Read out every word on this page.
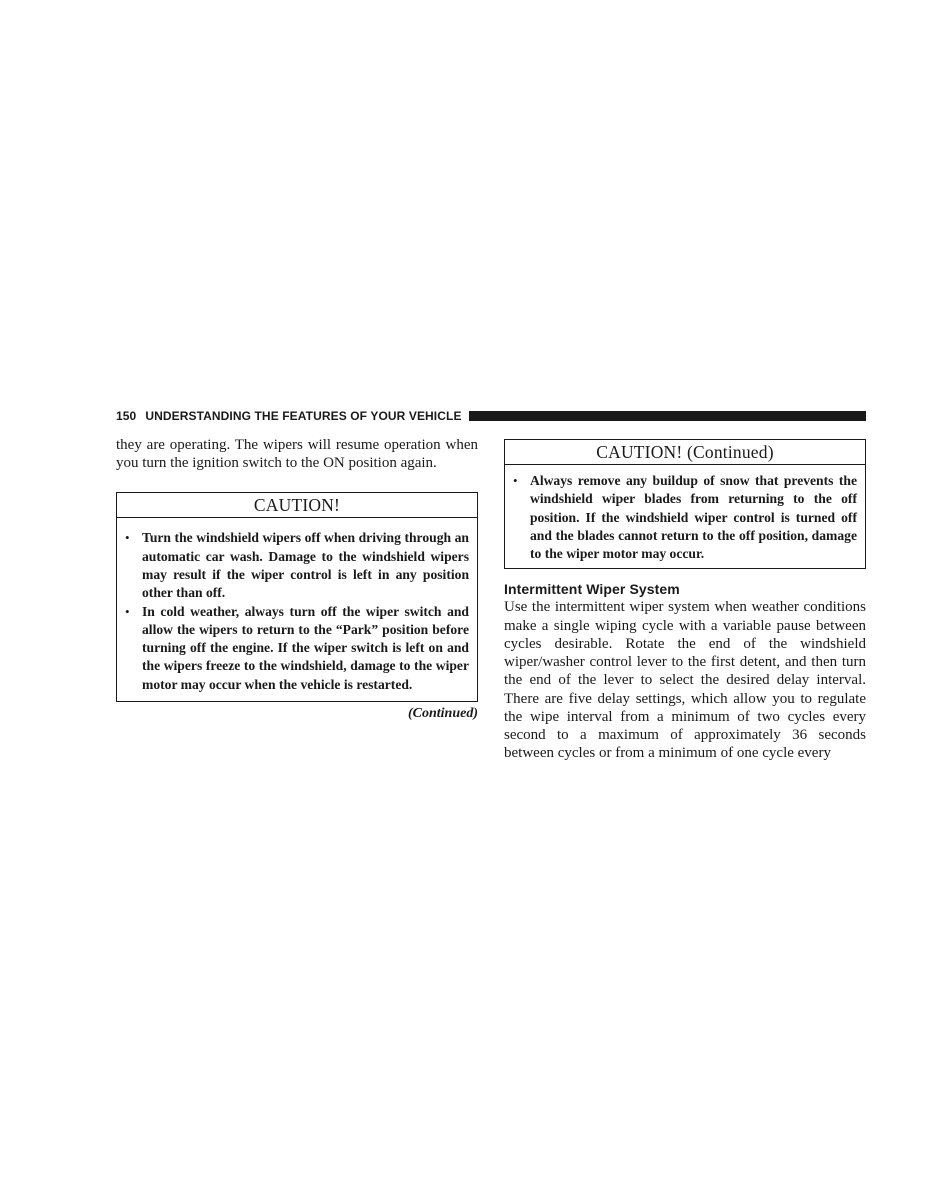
150 UNDERSTANDING THE FEATURES OF YOUR VEHICLE

they are operating. The wipers will resume operation when you turn the ignition switch to the ON position again.

CAUTION!
• Turn the windshield wipers off when driving through an automatic car wash. Damage to the windshield wipers may result if the wiper control is left in any position other than off.
• In cold weather, always turn off the wiper switch and allow the wipers to return to the “Park” position before turning off the engine. If the wiper switch is left on and the wipers freeze to the windshield, damage to the wiper motor may occur when the vehicle is restarted.
(Continued)
CAUTION! (Continued)
• Always remove any buildup of snow that prevents the windshield wiper blades from returning to the off position. If the windshield wiper control is turned off and the blades cannot return to the off position, damage to the wiper motor may occur.
Intermittent Wiper System

Use the intermittent wiper system when weather conditions make a single wiping cycle with a variable pause between cycles desirable. Rotate the end of the windshield wiper/washer control lever to the first detent, and then turn the end of the lever to select the desired delay interval. There are five delay settings, which allow you to regulate the wipe interval from a minimum of two cycles every second to a maximum of approximately 36 seconds between cycles or from a minimum of one cycle every
